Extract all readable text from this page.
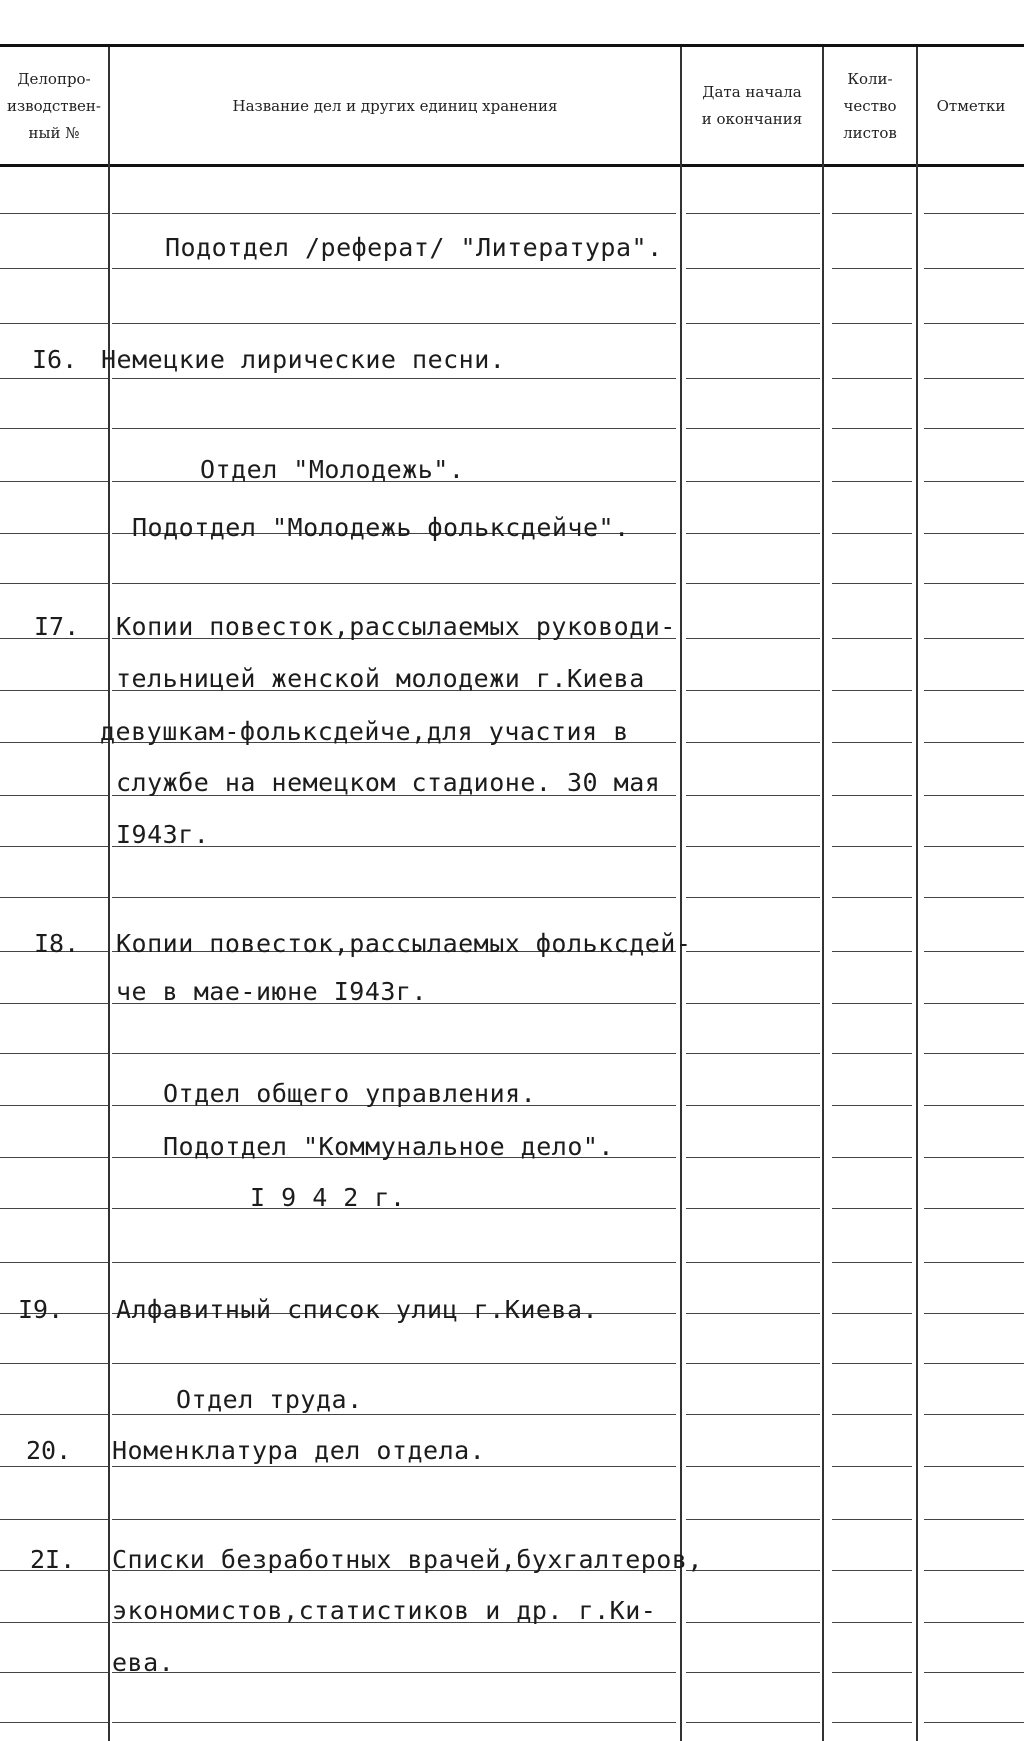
Делопро-
изводствен-
ный №
Название дел и других единиц хранения
Дата начала
и окончания
Коли-
чество
листов
Отметки
Подотдел /реферат/ "Литература".
I6. Немецкие лирические песни.
Отдел "Молодежь".
Подотдел "Молодежь фольксдейче".
I7. Копии повесток,рассылаемых руководи-
тельницей женской молодежи г.Киева
девушкам-фольксдейче,для участия в
службе на немецком стадионе. 30 мая
I943г.
I8. Копии повесток,рассылаемых фольксдей-
че в мае-июне I943г.
Отдел общего управления.
Подотдел "Коммунальное дело".
I 9 4 2 г.
I9. Алфавитный список улиц г.Киева.
Отдел труда.
20. Номенклатура дел отдела.
2I. Списки безработных врачей,бухгалтеров,
экономистов,статистиков и др. г.Ки-
ева.
